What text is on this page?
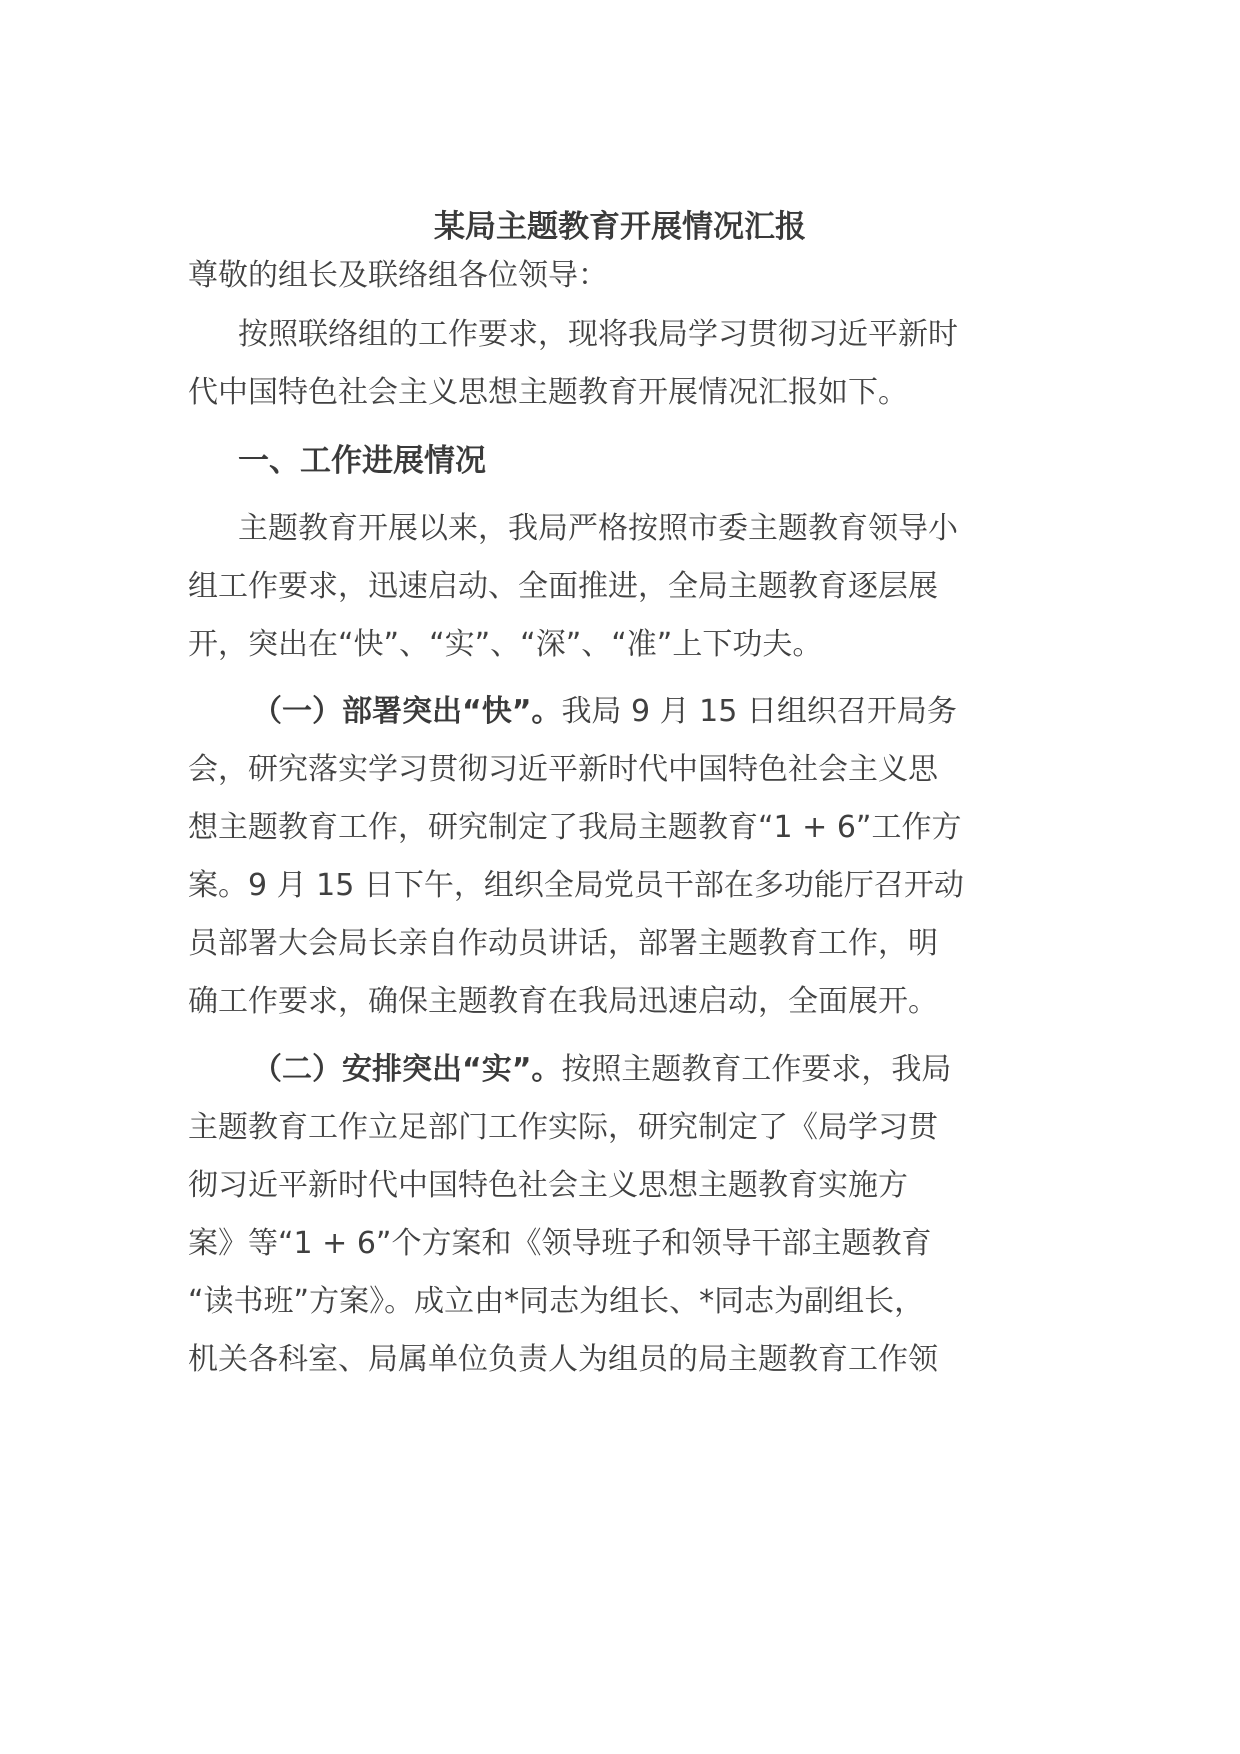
某局主题教育开展情况汇报
尊敬的组长及联络组各位领导：
按照联络组的工作要求，现将我局学习贯彻习近平新时
代中国特色社会主义思想主题教育开展情况汇报如下。
一、工作进展情况
主题教育开展以来，我局严格按照市委主题教育领导小
组工作要求，迅速启动、全面推进，全局主题教育逐层展
开，突出在“快”、“实”、“深”、“准”上下功夫。
（一）部署突出“快”。我局 9 月 15 日组织召开局务
会，研究落实学习贯彻习近平新时代中国特色社会主义思
想主题教育工作，研究制定了我局主题教育“1 + 6”工作方
案。9 月 15 日下午，组织全局党员干部在多功能厅召开动
员部署大会局长亲自作动员讲话，部署主题教育工作，明
确工作要求，确保主题教育在我局迅速启动，全面展开。
（二）安排突出“实”。按照主题教育工作要求，我局
主题教育工作立足部门工作实际，研究制定了《局学习贯
彻习近平新时代中国特色社会主义思想主题教育实施方
案》等“1 + 6”个方案和《领导班子和领导干部主题教育
“读书班”方案》。成立由*同志为组长、*同志为副组长，
机关各科室、局属单位负责人为组员的局主题教育工作领
